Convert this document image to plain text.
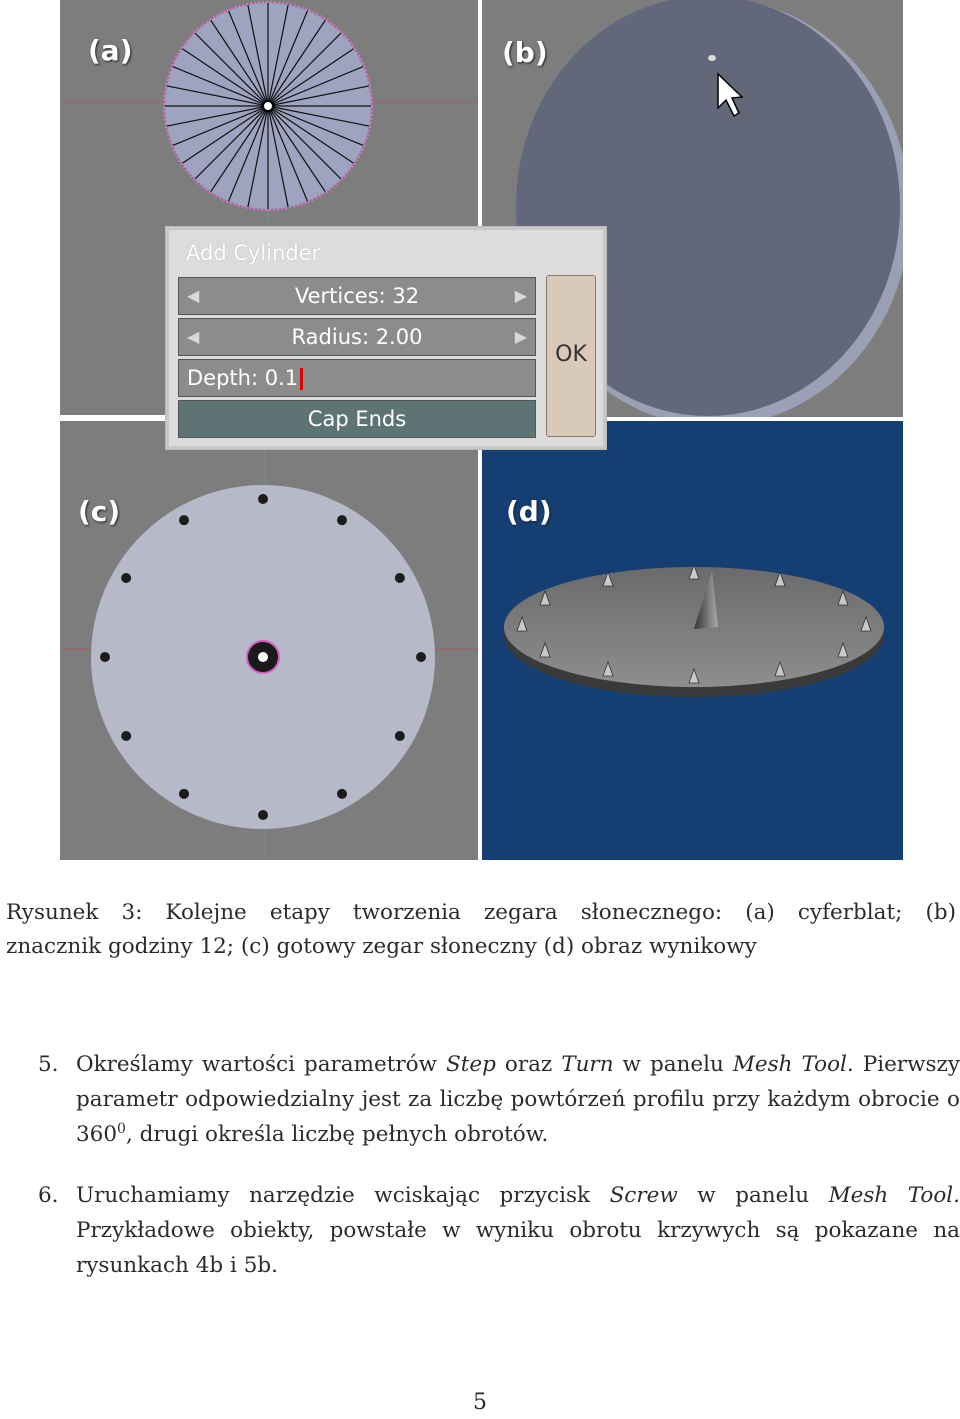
(a)	(b)
(c)	(d)
Add Cylinder
◀	Vertices: 32	▶
◀	Radius: 2.00	▶
Depth: 0.1
Cap Ends
OK
Rysunek 3: Kolejne etapy tworzenia zegara słonecznego: (a) cyferblat; (b)
znacznik godziny 12; (c) gotowy zegar słoneczny (d) obraz wynikowy
5. Określamy wartości parametrów Step oraz Turn w panelu Mesh Tool. Pierwszy parametr odpowiedzialny jest za liczbę powtórzeń profilu przy każdym obrocie o $360^0$, drugi określa liczbę pełnych obrotów.
6. Uruchamiamy narzędzie wciskając przycisk Screw w panelu Mesh Tool. Przykładowe obiekty, powstałe w wyniku obrotu krzywych są pokazane na rysunkach 4b i 5b.
5
